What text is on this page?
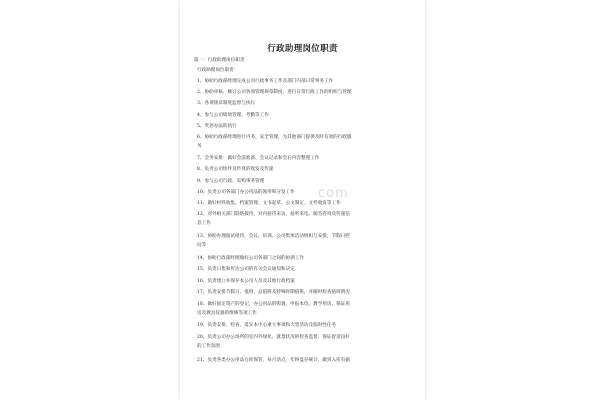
行政助理岗位职责
篇一：行政助理岗位职责
行政助理岗位职责：
1、协助行政部经理完成公司行政事务工作及部门内部日常事务工作
2、协助审核、修订公司各项管理规章制度，进行日常行政工作的组织与管理
3、各项规章制度监督与执行
4、参与公司绩效管理、考勤等工作
5、奖惩办法的执行
6、协助行政部经理进行内务、安全管理，为其他部门提供及时有效的行政服
务
7、会务安排：做好会前准备、会议记录和会后内容整理工作
8、负责公司快件及传真的收发及传递
9、参与公司行政、采购事务管理
10、负责公司各部门办公用品的领用和分发工作
11、做好材料收集、档案管理、文书起草、公文制定、文件收发等工作
12、对外相关部门联络接待，对内接待来访、接听来电、解答咨询及传递信
息工作
13、协助办理面试接待、会议、培训、公司集体活动组织与安排，节假日慰
问等
14、协助行政部经理做好公司各部门之间的协调工作
15、负责日集和传达公司的有关会议通知和决定
16、负责建立并保存本公司人员及其他行政档案
17、负责安排节假日、值班、总值班及特殊时期值班，并随时检查值班情况
18、做好固定资产的登记，办公用品的购置、申报本电、教学用房、保证用
房及教具仪器的维修等项工作
19、负责安排，检查，落实本中心重大事项和大型活动及临时性任务
20、负责公司办公场所的室内外绿化，就景状况的检查监督，保证舒适良好
的工作氛围
21、负责各类办公用品仓库保管，每月清点，年终盘存统计，做到入库有据
com
